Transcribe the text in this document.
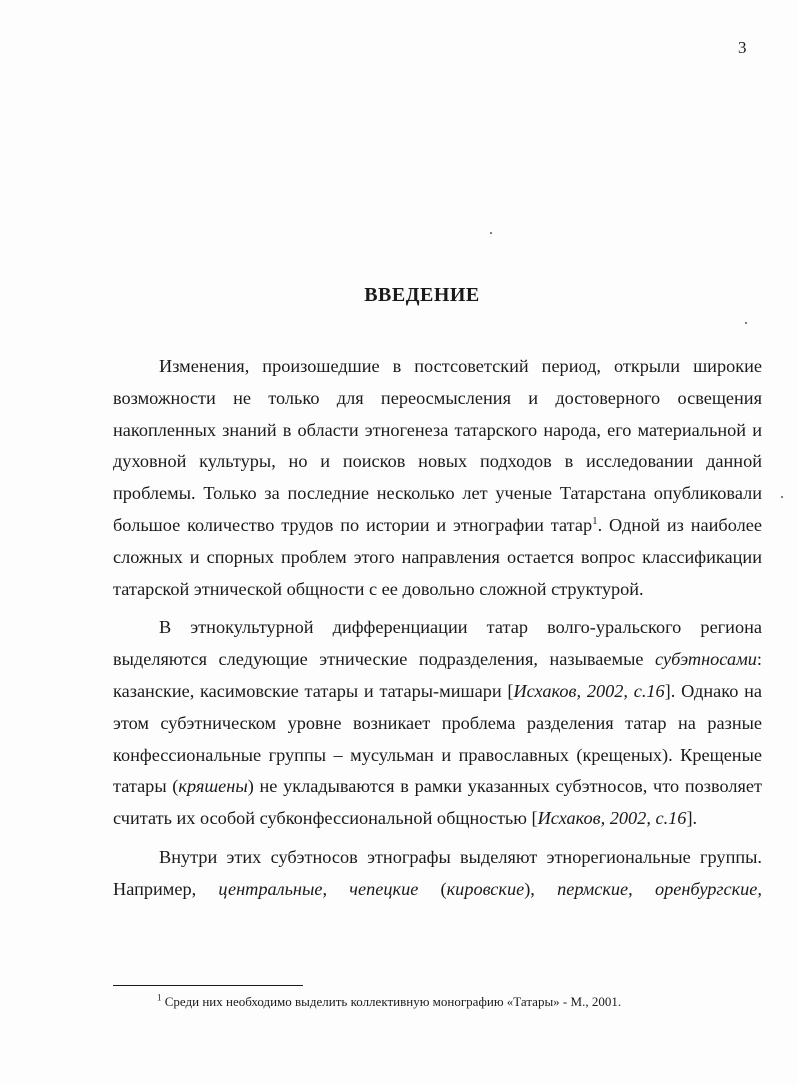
3
ВВЕДЕНИЕ

Изменения, произошедшие в постсоветский период, открыли широкие возможности не только для переосмысления и достоверного освещения накопленных знаний в области этногенеза татарского народа, его материальной и духовной культуры, но и поисков новых подходов в исследовании данной проблемы. Только за последние несколько лет ученые Татарстана опубликовали большое количество трудов по истории и этнографии татар$^1$. Одной из наиболее сложных и спорных проблем этого направления остается вопрос классификации татарской этнической общности с ее довольно сложной структурой.

В этнокультурной дифференциации татар волго-уральского региона выделяются следующие этнические подразделения, называемые субэтносами: казанские, касимовские татары и татары-мишари [Исхаков, 2002, с.16]. Однако на этом субэтническом уровне возникает проблема разделения татар на разные конфессиональные группы – мусульман и православных (крещеных). Крещеные татары (кряшены) не укладываются в рамки указанных субэтносов, что позволяет считать их особой субконфессиональной общностью [Исхаков, 2002, с.16].

Внутри этих субэтносов этнографы выделяют этнорегиональные группы. Например, центральные, чепецкие (кировские), пермские, оренбургские,

$^1$ Среди них необходимо выделить коллективную монографию «Татары» - М., 2001.
